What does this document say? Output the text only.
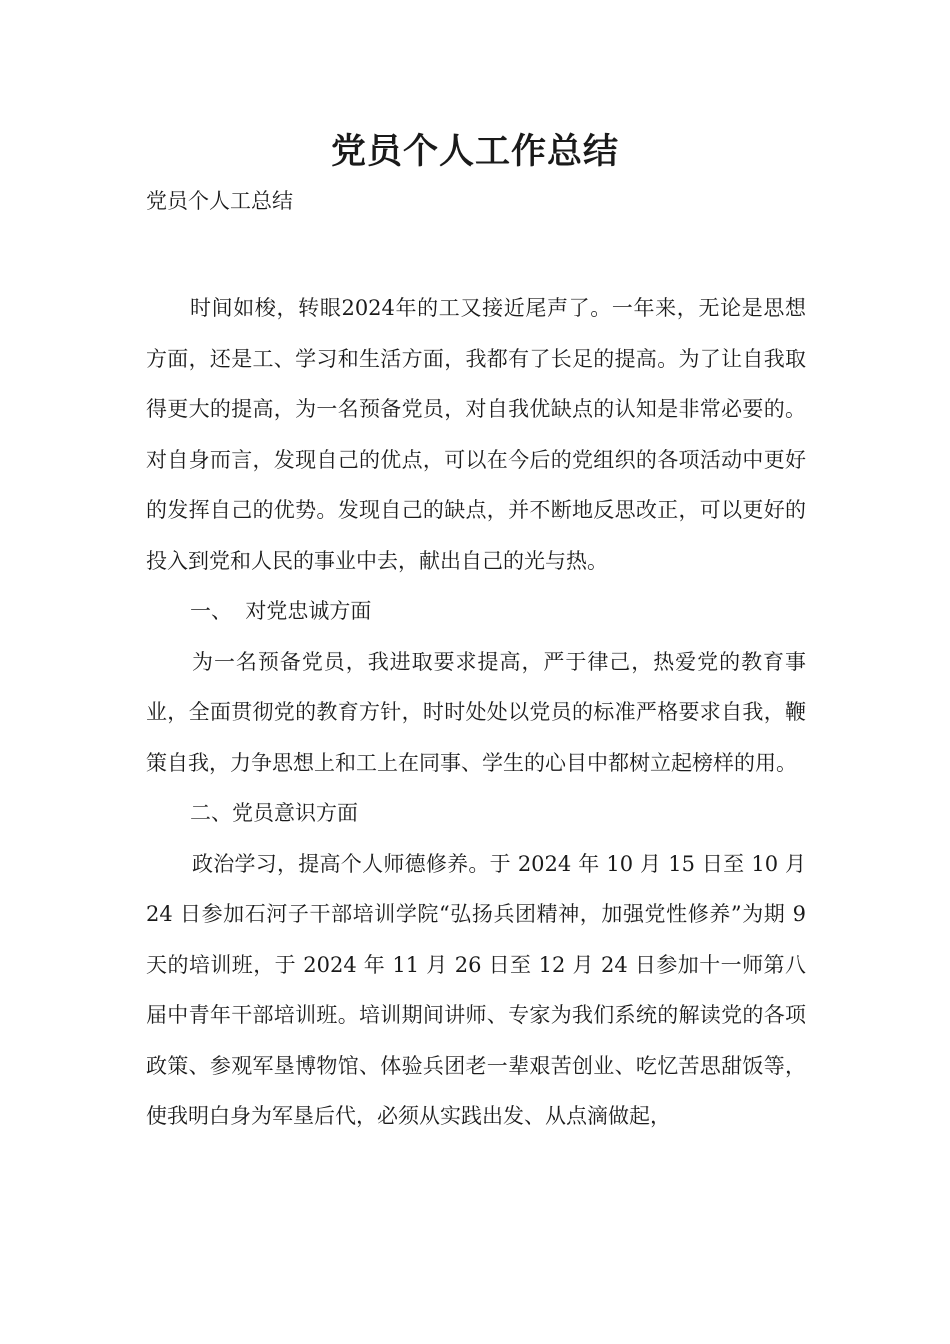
党员个人工作总结

党员个人工总结

时间如梭，转眼2024年的工又接近尾声了。一年来，无论是思想方面，还是工、学习和生活方面，我都有了长足的提高。为了让自我取得更大的提高，为一名预备党员，对自我优缺点的认知是非常必要的。对自身而言，发现自己的优点，可以在今后的党组织的各项活动中更好的发挥自己的优势。发现自己的缺点，并不断地反思改正，可以更好的投入到党和人民的事业中去，献出自己的光与热。

一、  对党忠诚方面

为一名预备党员，我进取要求提高，严于律己，热爱党的教育事业，全面贯彻党的教育方针，时时处处以党员的标准严格要求自我，鞭策自我，力争思想上和工上在同事、学生的心目中都树立起榜样的用。

二、党员意识方面

政治学习，提高个人师德修养。于 2024 年 10 月 15 日至 10 月 24 日参加石河子干部培训学院“弘扬兵团精神，加强党性修养”为期 9 天的培训班，于 2024 年 11 月 26 日至 12 月 24 日参加十一师第八届中青年干部培训班。培训期间讲师、专家为我们系统的解读党的各项政策、参观军垦博物馆、体验兵团老一辈艰苦创业、吃忆苦思甜饭等，使我明白身为军垦后代，必须从实践出发、从点滴做起，
